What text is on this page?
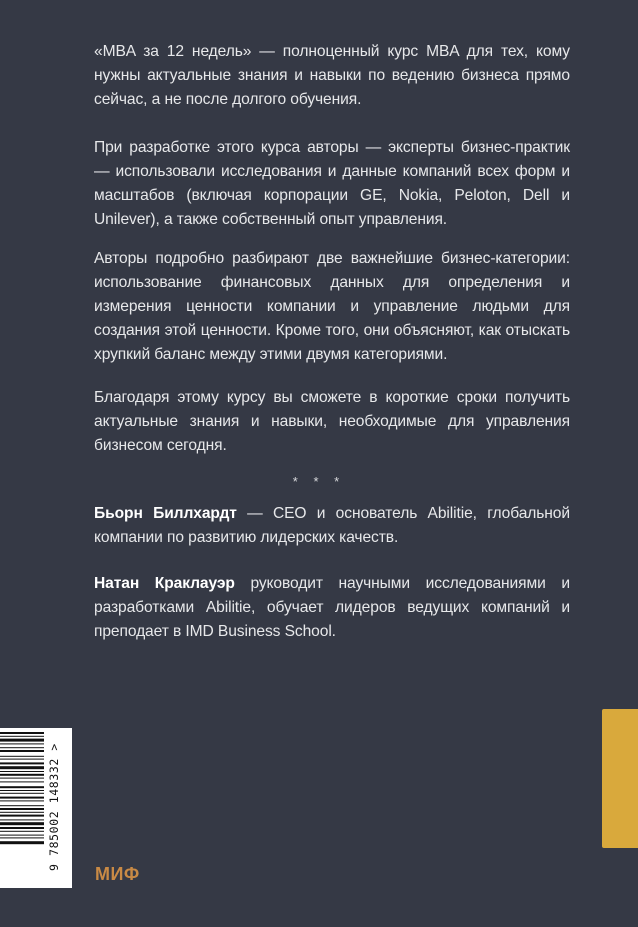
«MBA за 12 недель» — полноценный курс MBA для тех, кому нужны актуальные знания и навыки по ведению бизнеса прямо сейчас, а не после долгого обучения.

При разработке этого курса авторы — эксперты бизнес-практик — использовали исследования и данные компаний всех форм и масштабов (включая корпорации GE, Nokia, Peloton, Dell и Unilever), а также собственный опыт управления.

Авторы подробно разбирают две важнейшие бизнес-категории: использование финансовых данных для определения и измерения ценности компании и управление людьми для создания этой ценности. Кроме того, они объясняют, как отыскать хрупкий баланс между этими двумя категориями.

Благодаря этому курсу вы сможете в короткие сроки получить актуальные знания и навыки, необходимые для управления бизнесом сегодня.

* * *

Бьорн Биллхардт — CEO и основатель Abilitie, глобальной компании по развитию лидерских качеств.

Натан Краклауэр руководит научными исследованиями и разработками Abilitie, обучает лидеров ведущих компаний и преподает в IMD Business School.

9 785002 148332 >
МИФ
